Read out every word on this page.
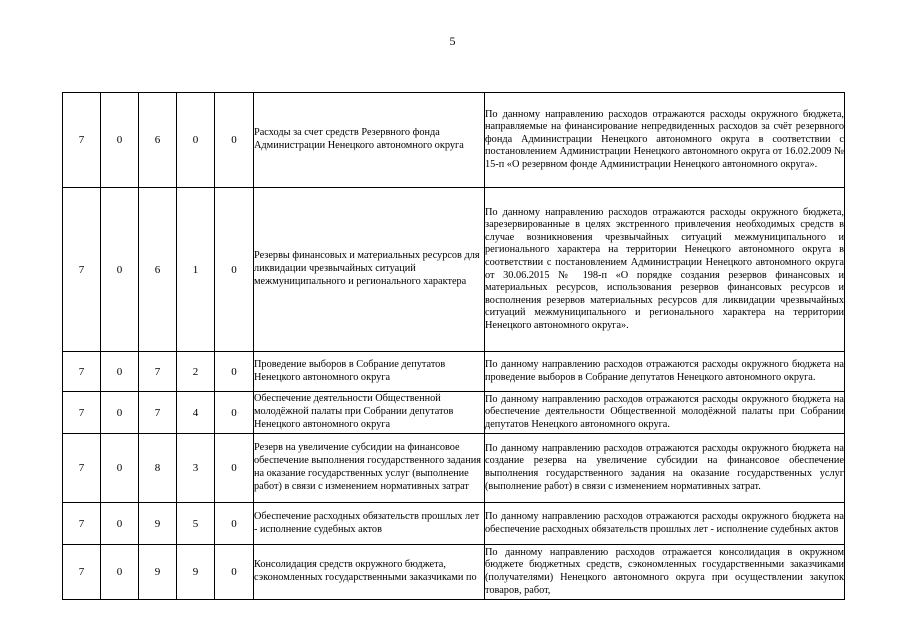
5
7	0	6	0	0	Расходы за счет средств Резервного фонда Администрации Ненецкого автономного округа	По данному направлению расходов отражаются расходы окружного бюджета, направляемые на финансирование непредвиденных расходов за счёт резервного фонда Администрации Ненецкого автономного округа в соответствии с постановлением Администрации Ненецкого автономного округа от 16.02.2009 № 15-п «О резервном фонде Администрации Ненецкого автономного округа».
7	0	6	1	0	Резервы финансовых и материальных ресурсов для ликвидации чрезвычайных ситуаций межмуниципального и регионального характера	По данному направлению расходов отражаются расходы окружного бюджета, зарезервированные в целях экстренного привлечения необходимых средств в случае возникновения чрезвычайных ситуаций межмуниципального и регионального характера на территории Ненецкого автономного округа в соответствии с постановлением Администрации Ненецкого автономного округа от 30.06.2015 № 198-п «О порядке создания резервов финансовых и материальных ресурсов, использования резервов финансовых ресурсов и восполнения резервов материальных ресурсов для ликвидации чрезвычайных ситуаций межмуниципального и регионального характера на территории Ненецкого автономного округа».
7	0	7	2	0	Проведение выборов в Собрание депутатов Ненецкого автономного округа	По данному направлению расходов отражаются расходы окружного бюджета на проведение выборов в Собрание депутатов Ненецкого автономного округа.
7	0	7	4	0	Обеспечение деятельности Общественной молодёжной палаты при Собрании депутатов Ненецкого автономного округа	По данному направлению расходов отражаются расходы окружного бюджета на обеспечение деятельности Общественной молодёжной палаты при Собрании депутатов Ненецкого автономного округа.
7	0	8	3	0	Резерв на увеличение субсидии на финансовое обеспечение выполнения государственного задания на оказание государственных услуг (выполнение работ) в связи с изменением нормативных затрат	По данному направлению расходов отражаются расходы окружного бюджета на создание резерва на увеличение субсидии на финансовое обеспечение выполнения государственного задания на оказание государственных услуг (выполнение работ) в связи с изменением нормативных затрат.
7	0	9	5	0	Обеспечение расходных обязательств прошлых лет - исполнение судебных актов	По данному направлению расходов отражаются расходы окружного бюджета на обеспечение расходных обязательств прошлых лет - исполнение судебных актов
7	0	9	9	0	Консолидация средств окружного бюджета, сэкономленных государственными заказчиками по	По данному направлению расходов отражается консолидация в окружном бюджете бюджетных средств, сэкономленных государственными заказчиками (получателями) Ненецкого автономного округа при осуществлении закупок товаров, работ,
